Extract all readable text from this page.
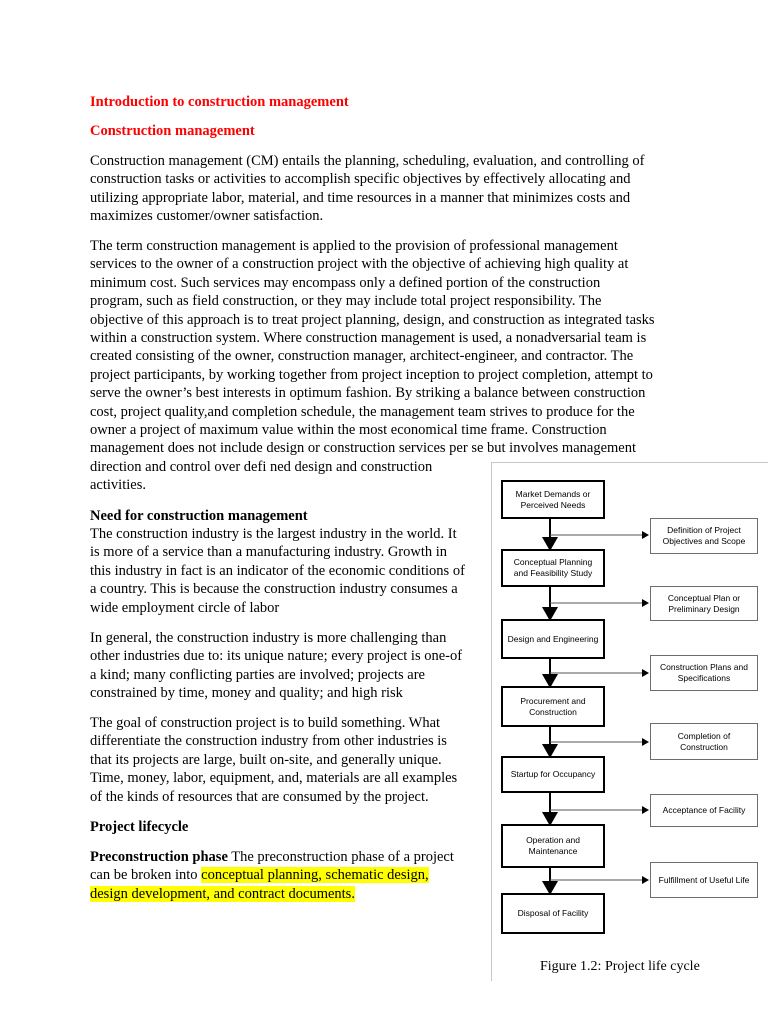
Introduction to construction management

Construction management

Construction management (CM) entails the planning, scheduling, evaluation, and controlling of construction tasks or activities to accomplish specific objectives by effectively allocating and utilizing appropriate labor, material, and time resources in a manner that minimizes costs and maximizes customer/owner satisfaction.

The term construction management is applied to the provision of professional management
services to the owner of a construction project with the objective of achieving high quality at
minimum cost. Such services may encompass only a defined portion of the construction
program, such as field construction, or they may include total project responsibility. The
objective of this approach is to treat project planning, design, and construction as integrated tasks
within a construction system. Where construction management is used, a nonadversarial team is
created consisting of the owner, construction manager, architect-engineer, and contractor. The
project participants, by working together from project inception to project completion, attempt to
serve the owner’s best interests in optimum fashion. By striking a balance between construction
cost, project quality,and completion schedule, the management team strives to produce for the
owner a project of maximum value within the most economical time frame. Construction
management does not include design or construction services per se but involves management
direction and control over defi ned design and construction
activities.

Need for construction management

The construction industry is the largest industry in the world. It
is more of a service than a manufacturing industry. Growth in
this industry in fact is an indicator of the economic conditions of
a country. This is because the construction industry consumes a
wide employment circle of labor
In general, the construction industry is more challenging than
other industries due to: its unique nature; every project is one-of
a kind; many conflicting parties are involved; projects are
constrained by time, money and quality; and high risk
The goal of construction project is to build something. What
differentiate the construction industry from other industries is
that its projects are large, built on-site, and generally unique.
Time, money, labor, equipment, and, materials are all examples
of the kinds of resources that are consumed by the project.

Project lifecycle

Preconstruction phase The preconstruction phase of a project
can be broken into conceptual planning, schematic design,
design development, and contract documents.
Market Demands or Perceived Needs
Conceptual Planning and Feasibility Study
Design and Engineering
Procurement and Construction
Startup for Occupancy
Operation and Maintenance
Disposal of Facility
Definition of Project Objectives and Scope
Conceptual Plan or Preliminary Design
Construction Plans and Specifications
Completion of Construction
Acceptance of Facility
Fulfillment of Useful Life
Figure 1.2: Project life cycle
